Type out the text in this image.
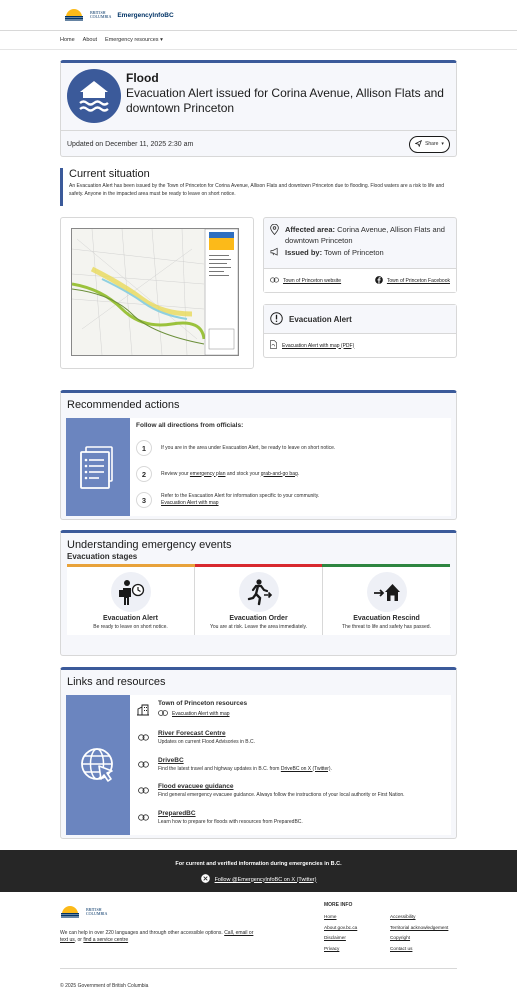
BRITISH
COLUMBIA EmergencyInfoBC
Home About Emergency resources ▾
Flood
Evacuation Alert issued for Corina Avenue, Allison Flats and downtown Princeton
Updated on December 11, 2025 2:30 am	Share ▾
Current situation

An Evacuation Alert has been issued by the Town of Princeton for Corina Avenue, Allison Flats and downtown Princeton due to flooding. Flood waters are a risk to life and safety. Anyone in the impacted area must be ready to leave on short notice.

Affected area: Corina Avenue, Allison Flats and downtown Princeton
Issued by: Town of Princeton
Town of Princeton website	Town of Princeton Facebook
Evacuation Alert
Evacuation Alert with map (PDF)
Recommended actions
Follow all directions from officials:
1	If you are in the area under Evacuation Alert, be ready to leave on short notice.
2	Review your emergency plan and stock your grab-and-go bag.
3	Refer to the Evacuation Alert for information specific to your community.
Evacuation Alert with map
Understanding emergency events
Evacuation stages
Evacuation Alert
Be ready to leave on short notice.
Evacuation Order
You are at risk. Leave the area immediately.
Evacuation Rescind
The threat to life and safety has passed.
Links and resources
Town of Princeton resources
Evacuation Alert with map
River Forecast Centre
Updates on current Flood Advisories in B.C.
DriveBC
Find the latest travel and highway updates in B.C. from DriveBC on X (Twitter).
Flood evacuee guidance
Find general emergency evacuee guidance. Always follow the instructions of your local authority or First Nation.
PreparedBC
Learn how to prepare for floods with resources from PreparedBC.
For current and verified information during emergencies in B.C.
Follow @EmergencyInfoBC on X (Twitter)
BRITISH
COLUMBIA
We can help in over 220 languages and through other accessible options. Call, email or text us, or find a service centre
MORE INFO
Home	Accessibility
About gov.bc.ca	Territorial acknowledgement
Disclaimer	Copyright
Privacy	Contact us
© 2025 Government of British Columbia
